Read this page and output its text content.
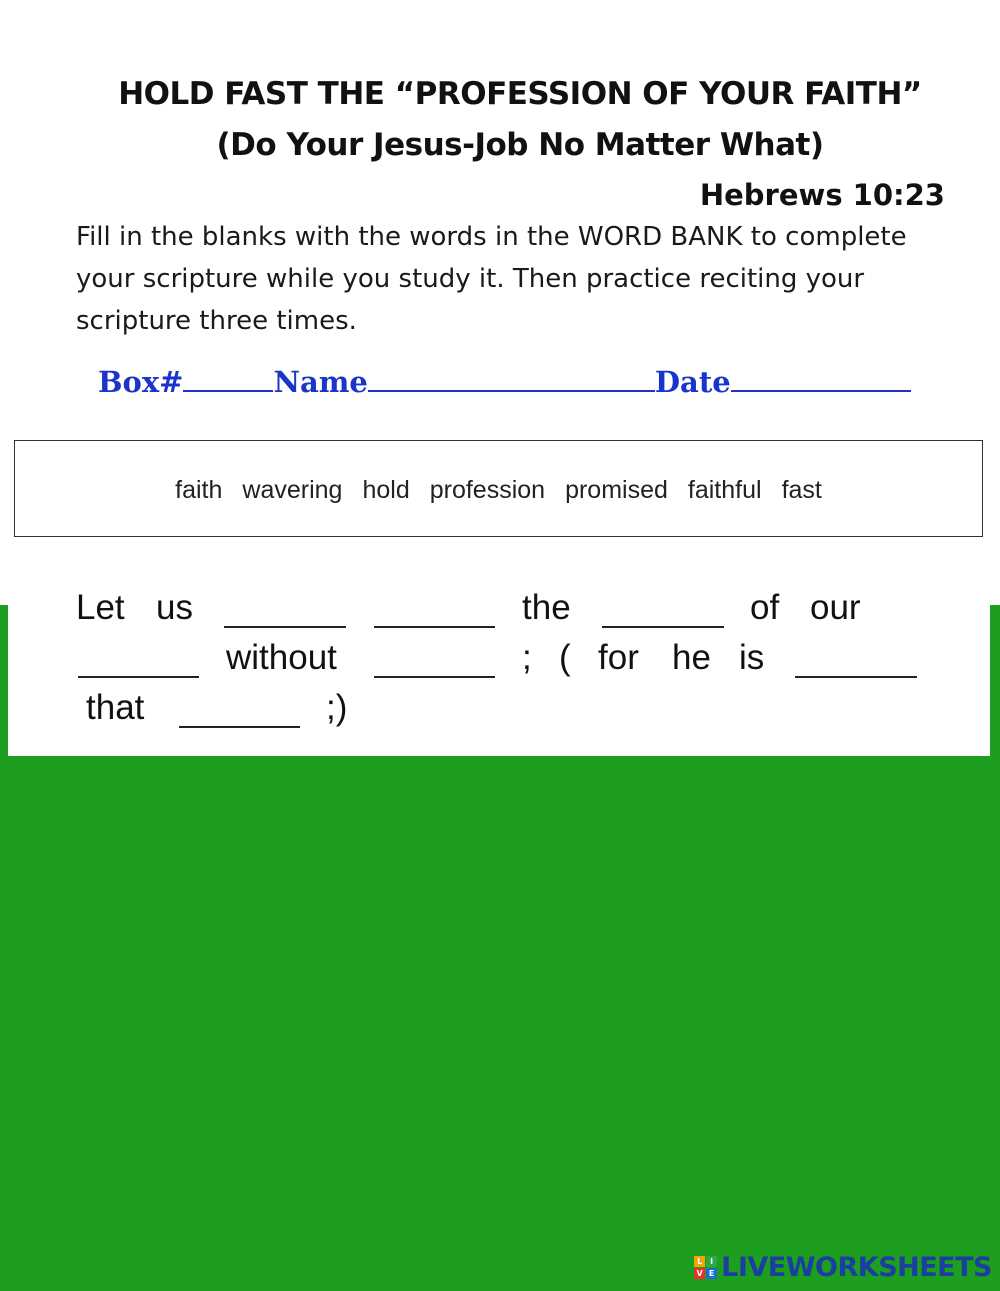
HOLD FAST THE “PROFESSION OF YOUR FAITH”
(Do Your Jesus-Job No Matter What)
Hebrews 10:23
Fill in the blanks with the words in the WORD BANK to complete your scripture while you study it. Then practice reciting your scripture three times.
Box#	Name	Date
faith wavering hold profession promised faithful fast
Let us	the	of our
without	; ( for he is
that	;)
L I
V E LIVEWORKSHEETS
